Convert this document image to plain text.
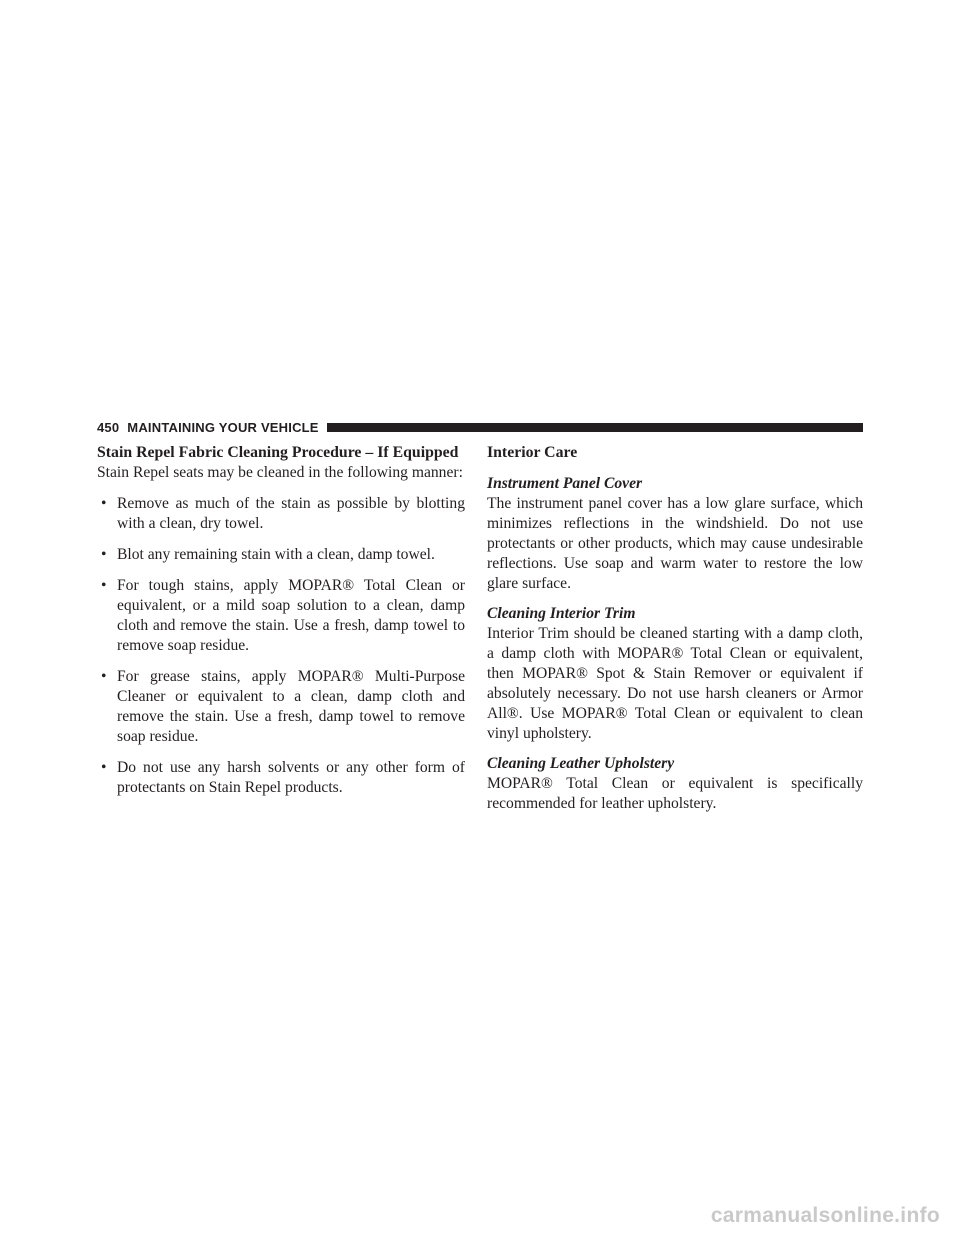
450 MAINTAINING YOUR VEHICLE
Stain Repel Fabric Cleaning Procedure – If Equipped

Stain Repel seats may be cleaned in the following manner:

• Remove as much of the stain as possible by blotting with a clean, dry towel.
• Blot any remaining stain with a clean, damp towel.
• For tough stains, apply MOPAR® Total Clean or equivalent, or a mild soap solution to a clean, damp cloth and remove the stain. Use a fresh, damp towel to remove soap residue.
• For grease stains, apply MOPAR® Multi-Purpose Cleaner or equivalent to a clean, damp cloth and remove the stain. Use a fresh, damp towel to remove soap residue.
• Do not use any harsh solvents or any other form of protectants on Stain Repel products.
Interior Care
Instrument Panel Cover

The instrument panel cover has a low glare surface, which minimizes reflections in the windshield. Do not use protectants or other products, which may cause undesirable reflections. Use soap and warm water to restore the low glare surface.

Cleaning Interior Trim

Interior Trim should be cleaned starting with a damp cloth, a damp cloth with MOPAR® Total Clean or equivalent, then MOPAR® Spot & Stain Remover or equivalent if absolutely necessary. Do not use harsh cleaners or Armor All®. Use MOPAR® Total Clean or equivalent to clean vinyl upholstery.

Cleaning Leather Upholstery

MOPAR® Total Clean or equivalent is specifically recommended for leather upholstery.

carmanualsonline.info
